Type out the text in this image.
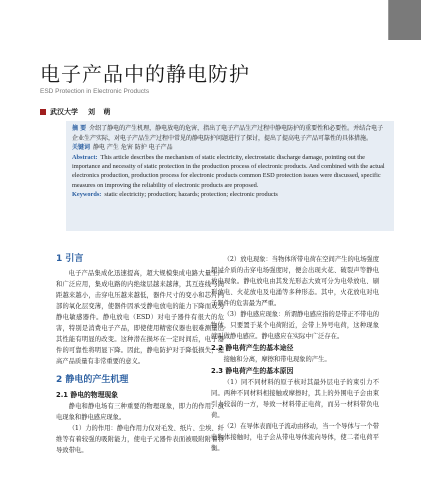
电子产品中的静电防护
ESD Protection in Electronic Products
武汉大学 刘 萌

摘 要 介绍了静电的产生机理，静电放电的危害，指出了电子产品生产过程中静电防护的重要性和必要性。并结合电子企业生产实际，对电子产品生产过程中常见的静电防护问题进行了探讨，提出了提高电子产品可靠性的具体措施。

关键词 静电 产生 危害 防护 电子产品

Abstract: This article describes the mechanism of static electricity, electrostatic discharge damage, pointing out the importance and necessity of static protection in the production process of electronic products. And combined with the actual electronics production, production process for electronic products common ESD protection issues were discussed, specific measures on improving the reliability of electronic products are proposed.

Keywords: static electricity; production; hazards; protection; electronic products

1 引言

电子产品集成化迅速提高，超大规模集成电路大量生产和广泛应用，集成电路的内绝缘层越来越薄，其互连线与间距越来越小，击穿电压越来越低，器件尺寸的变小和芯片内部的氧化层变薄，使器件因承受静电放电的能力下降而成为静电敏感器件。静电放电（ESD）对电子器件有很大的危害，特别是消费电子产品，即使使用精密仪器也很难测量出其性能有明显的改变。这种潜在损坏在一定时间后，电子器件的可靠性将明显下降。因此，静电防护对于降低损失，提高产品质量有非常重要的意义。

2 静电的产生机理
2.1 静电的物理现象

静电和静电场有三种重要的物理现象，即力的作用、放电现象和静电感应现象。

（1）力的作用：静电作用力仅对毛发、纸片、尘埃、纤维等有着较强的吸附能力，使电子元器件表面被吸附附着物导致带电。

（2）放电现象：当物体所带电荷在空间产生的电场强度超过介质的击穿电场强度时，便会出现火花、破裂声等静电放电现象。静电放电由其发光形态大致可分为电晕放电、刷形放电、火花放电及电涌等多种形态。其中，火花放电对电子器件的危害最为严重。

（3）静电感应现象：所谓静电感应指的是带正不带电的物体，只要置于某个电荷附近，会带上异号电荷，这种现象就叫做静电感应。静电感应在实际中广泛存在。

2.2 静电荷产生的基本途径

接触和分离，摩擦和带电现象的产生。

2.3 静电荷产生的基本原因

（1）同不同材料的原子核对其最外层电子的束引力不同。两种不同材料相接触或摩擦时，其上的外围电子会由束引力较弱的一方，导致一材料带正电荷，而另一材料带负电荷。

（2）在导体表面电子流动由移动，当一个导体与一个带电物体接触时，电子会从带电导体流向导体，使二者电荷平衡。
